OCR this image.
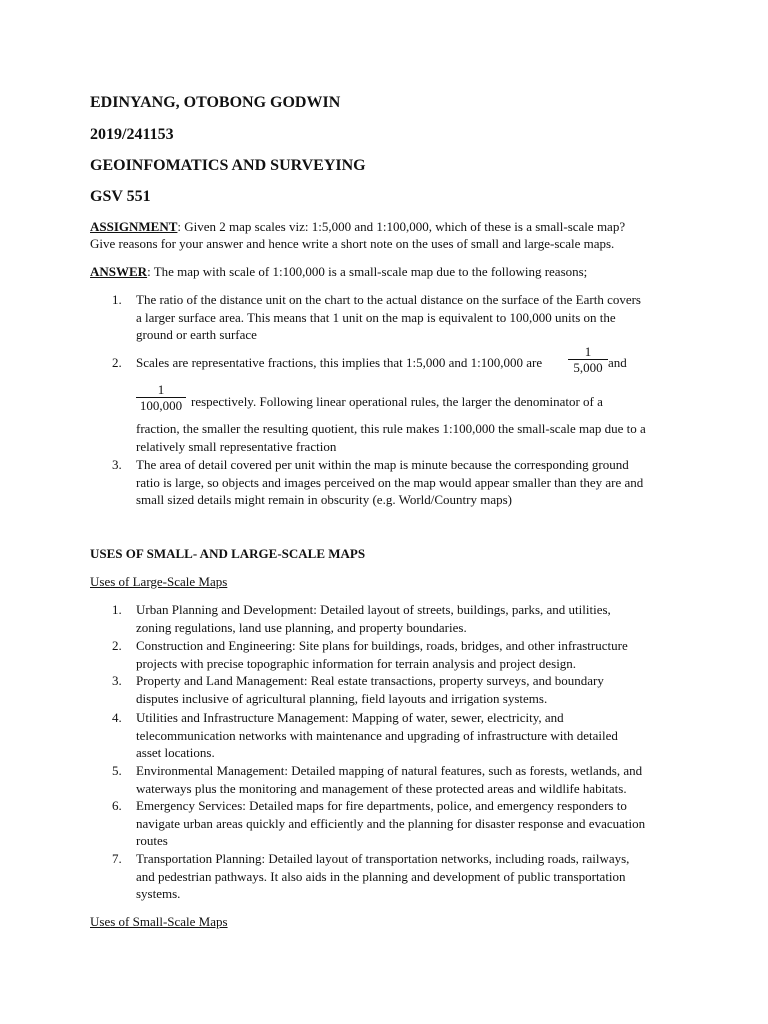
EDINYANG, OTOBONG GODWIN

2019/241153

GEOINFOMATICS AND SURVEYING

GSV 551

ASSIGNMENT: Given 2 map scales viz: 1:5,000 and 1:100,000, which of these is a small-scale map?

Give reasons for your answer and hence write a short note on the uses of small and large-scale maps.

ANSWER: The map with scale of 1:100,000 is a small-scale map due to the following reasons;

1. The ratio of the distance unit on the chart to the actual distance on the surface of the Earth covers

a larger surface area. This means that 1 unit on the map is equivalent to 100,000 units on the

ground or earth surface

2. Scales are representative fractions, this implies that 1:5,000 and 1:100,000 are

1
5,000 and

1
100,000 respectively. Following linear operational rules, the larger the denominator of a

fraction, the smaller the resulting quotient, this rule makes 1:100,000 the small-scale map due to a

relatively small representative fraction

3. The area of detail covered per unit within the map is minute because the corresponding ground

ratio is large, so objects and images perceived on the map would appear smaller than they are and

small sized details might remain in obscurity (e.g. World/Country maps)

USES OF SMALL- AND LARGE-SCALE MAPS

Uses of Large-Scale Maps

1. Urban Planning and Development: Detailed layout of streets, buildings, parks, and utilities,

zoning regulations, land use planning, and property boundaries.

2. Construction and Engineering: Site plans for buildings, roads, bridges, and other infrastructure

projects with precise topographic information for terrain analysis and project design.

3. Property and Land Management: Real estate transactions, property surveys, and boundary

disputes inclusive of agricultural planning, field layouts and irrigation systems.

4. Utilities and Infrastructure Management: Mapping of water, sewer, electricity, and

telecommunication networks with maintenance and upgrading of infrastructure with detailed

asset locations.

5. Environmental Management: Detailed mapping of natural features, such as forests, wetlands, and

waterways plus the monitoring and management of these protected areas and wildlife habitats.

6. Emergency Services: Detailed maps for fire departments, police, and emergency responders to

navigate urban areas quickly and efficiently and the planning for disaster response and evacuation

routes

7. Transportation Planning: Detailed layout of transportation networks, including roads, railways,

and pedestrian pathways. It also aids in the planning and development of public transportation

systems.

Uses of Small-Scale Maps
